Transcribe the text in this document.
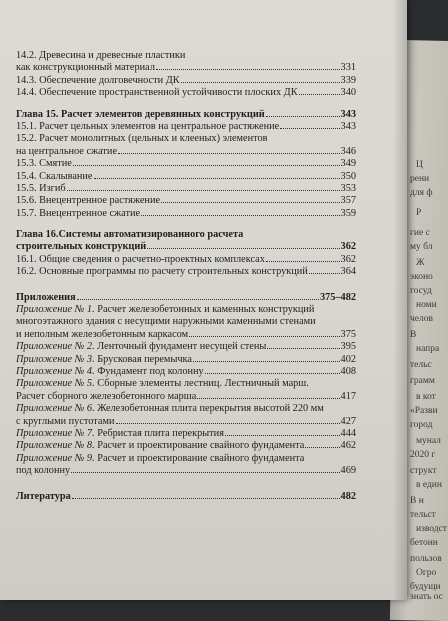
Ц
рени
для ф
Р
гие с
му бл
Ж
эконо
госуд
номи
челов
В
напра
тельс
грамм
в кот
«Разви
город
мунал
2020 г
структ
в един
В н
тельст
изводст
бетонн
пользов
Огро
будущи
знать ос
14.2. Древесина и древесные пластики
как конструкционный материал	331
14.3. Обеспечение долговечности ДК	339
14.4. Обеспечение пространственной устойчивости плоских ДК	340
Глава 15. Расчет элементов деревянных конструкций	343
15.1. Расчет цельных элементов на центральное растяжение	343
15.2. Расчет монолитных (цельных и клееных) элементов
на центральное сжатие	346
15.3. Смятие	349
15.4. Скалывание	350
15.5. Изгиб	353
15.6. Внецентренное растяжение	357
15.7. Внецентренное сжатие	359
Глава 16.Системы автоматизированного расчета
строительных конструкций	362
16.1. Общие сведения о расчетно-проектных комплексах	362
16.2. Основные программы по расчету строительных конструкций	364
Приложения	375–482
Приложение № 1. Расчет железобетонных и каменных конструкций
многоэтажного здания с несущими наружными каменными стенами
и неполным железобетонным каркасом	375
Приложение № 2. Ленточный фундамент несущей стены	395
Приложение № 3. Брусковая перемычка	402
Приложение № 4. Фундамент под колонну	408
Приложение № 5. Сборные элементы лестниц. Лестничный марш.
Расчет сборного железобетонного марша	417
Приложение № 6. Железобетонная плита перекрытия высотой 220 мм
с круглыми пустотами	427
Приложение № 7. Ребристая плита перекрытия	444
Приложение № 8. Расчет и проектирование свайного фундамента	462
Приложение № 9. Расчет и проектирование свайного фундамента
под колонну	469
Литература	482
